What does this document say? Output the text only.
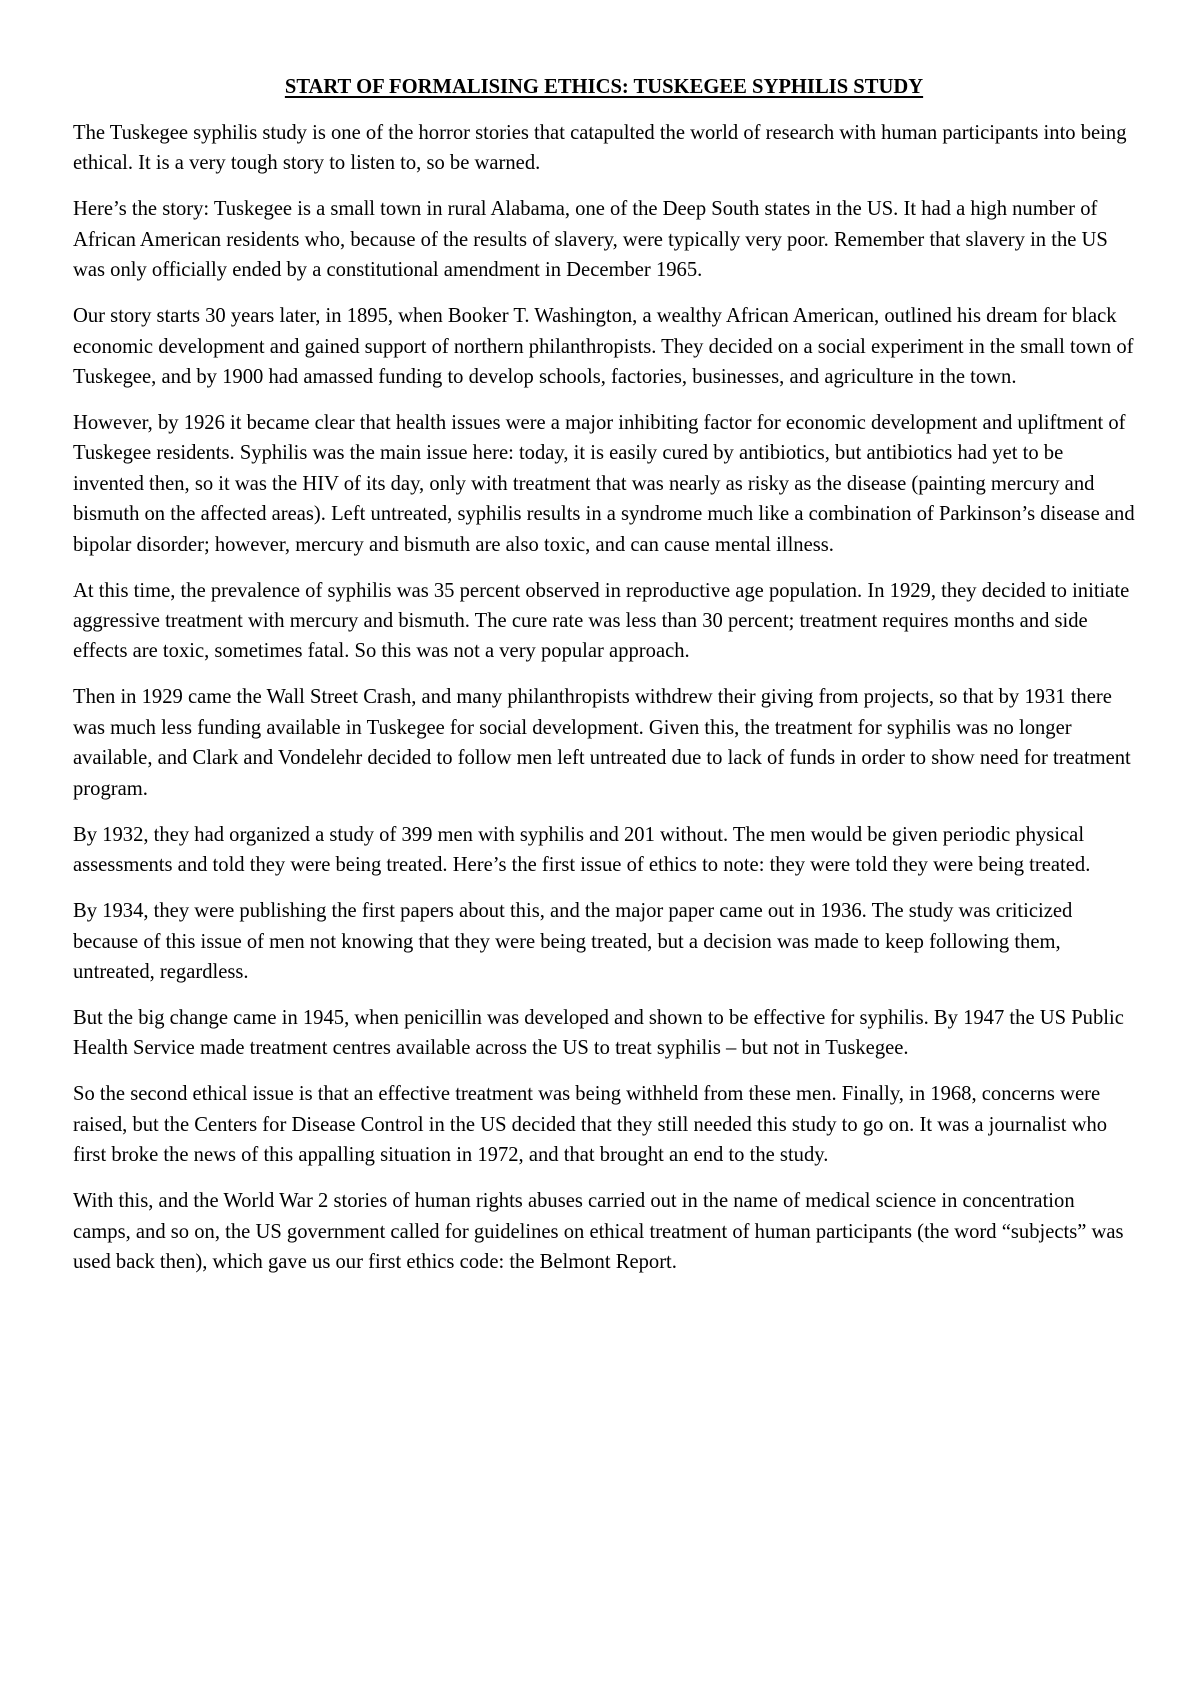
START OF FORMALISING ETHICS: TUSKEGEE SYPHILIS STUDY

The Tuskegee syphilis study is one of the horror stories that catapulted the world of research with human participants into being ethical. It is a very tough story to listen to, so be warned.

Here’s the story: Tuskegee is a small town in rural Alabama, one of the Deep South states in the US. It had a high number of African American residents who, because of the results of slavery, were typically very poor. Remember that slavery in the US was only officially ended by a constitutional amendment in December 1965.

Our story starts 30 years later, in 1895, when Booker T. Washington, a wealthy African American, outlined his dream for black economic development and gained support of northern philanthropists. They decided on a social experiment in the small town of Tuskegee, and by 1900 had amassed funding to develop schools, factories, businesses, and agriculture in the town.

However, by 1926 it became clear that health issues were a major inhibiting factor for economic development and upliftment of Tuskegee residents. Syphilis was the main issue here: today, it is easily cured by antibiotics, but antibiotics had yet to be invented then, so it was the HIV of its day, only with treatment that was nearly as risky as the disease (painting mercury and bismuth on the affected areas). Left untreated, syphilis results in a syndrome much like a combination of Parkinson’s disease and bipolar disorder; however, mercury and bismuth are also toxic, and can cause mental illness.

At this time, the prevalence of syphilis was 35 percent observed in reproductive age population. In 1929, they decided to initiate aggressive treatment with mercury and bismuth. The cure rate was less than 30 percent; treatment requires months and side effects are toxic, sometimes fatal. So this was not a very popular approach.

Then in 1929 came the Wall Street Crash, and many philanthropists withdrew their giving from projects, so that by 1931 there was much less funding available in Tuskegee for social development. Given this, the treatment for syphilis was no longer available, and Clark and Vondelehr decided to follow men left untreated due to lack of funds in order to show need for treatment program.

By 1932, they had organized a study of 399 men with syphilis and 201 without. The men would be given periodic physical assessments and told they were being treated. Here’s the first issue of ethics to note: they were told they were being treated.

By 1934, they were publishing the first papers about this, and the major paper came out in 1936. The study was criticized because of this issue of men not knowing that they were being treated, but a decision was made to keep following them, untreated, regardless.

But the big change came in 1945, when penicillin was developed and shown to be effective for syphilis. By 1947 the US Public Health Service made treatment centres available across the US to treat syphilis – but not in Tuskegee.

So the second ethical issue is that an effective treatment was being withheld from these men. Finally, in 1968, concerns were raised, but the Centers for Disease Control in the US decided that they still needed this study to go on. It was a journalist who first broke the news of this appalling situation in 1972, and that brought an end to the study.

With this, and the World War 2 stories of human rights abuses carried out in the name of medical science in concentration camps, and so on, the US government called for guidelines on ethical treatment of human participants (the word “subjects” was used back then), which gave us our first ethics code: the Belmont Report.
